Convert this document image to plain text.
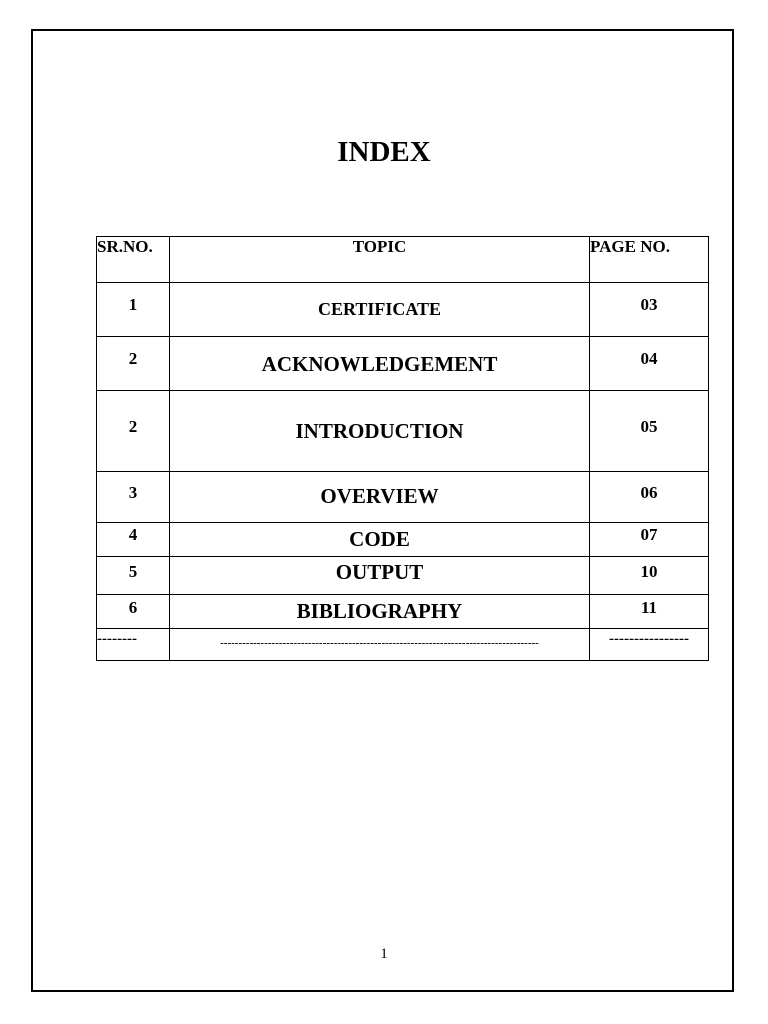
INDEX
SR.NO.	TOPIC	PAGE NO.
1	CERTIFICATE	03
2	ACKNOWLEDGEMENT	04
2	INTRODUCTION	05
3	OVERVIEW	06
4	CODE	07
5	OUTPUT	10
6	BIBLIOGRAPHY	11
--------	---------------------------------------------------------------------------------------	----------------
1
